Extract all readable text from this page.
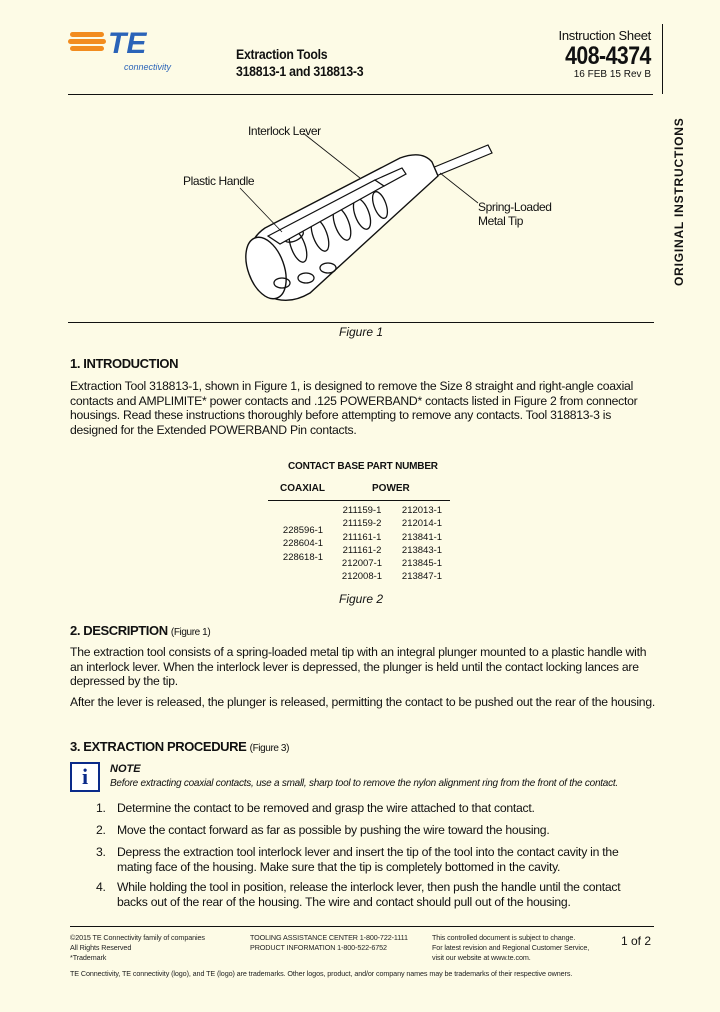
TE
connectivity
Extraction Tools
318813-1 and 318813-3
Instruction Sheet
408-4374
16 FEB 15 Rev B
ORIGINAL INSTRUCTIONS
Interlock Lever
Plastic Handle
Spring-Loaded
Metal Tip
Figure 1
1. INTRODUCTION
Extraction Tool 318813-1, shown in Figure 1, is designed to remove the Size 8 straight and right-angle coaxial contacts and AMPLIMITE* power contacts and .125 POWERBAND* contacts listed in Figure 2 from connector housings. Read these instructions thoroughly before attempting to remove any contacts. Tool 318813-3 is designed for the Extended POWERBAND Pin contacts.
CONTACT BASE PART NUMBER
COAXIAL	POWER
228596-1
228604-1
228618-1
211159-1
211159-2
211161-1
211161-2
212007-1
212008-1
212013-1
212014-1
213841-1
213843-1
213845-1
213847-1
Figure 2
2. DESCRIPTION (Figure 1)
The extraction tool consists of a spring-loaded metal tip with an integral plunger mounted to a plastic handle with an interlock lever. When the interlock lever is depressed, the plunger is held until the contact locking lances are depressed by the tip.
After the lever is released, the plunger is released, permitting the contact to be pushed out the rear of the housing.
3. EXTRACTION PROCEDURE (Figure 3)
i	NOTE
Before extracting coaxial contacts, use a small, sharp tool to remove the nylon alignment ring from the front of the contact.
1. Determine the contact to be removed and grasp the wire attached to that contact.
2. Move the contact forward as far as possible by pushing the wire toward the housing.
3. Depress the extraction tool interlock lever and insert the tip of the tool into the contact cavity in the mating face of the housing. Make sure that the tip is completely bottomed in the cavity.
4. While holding the tool in position, release the interlock lever, then push the handle until the contact backs out of the rear of the housing. The wire and contact should pull out of the housing.
©2015 TE Connectivity family of companies
All Rights Reserved
*Trademark
TOOLING ASSISTANCE CENTER 1-800-722-1111
PRODUCT INFORMATION 1-800-522-6752
This controlled document is subject to change.
For latest revision and Regional Customer Service,
visit our website at www.te.com.
1 of 2
TE Connectivity, TE connectivity (logo), and TE (logo) are trademarks. Other logos, product, and/or company names may be trademarks of their respective owners.
